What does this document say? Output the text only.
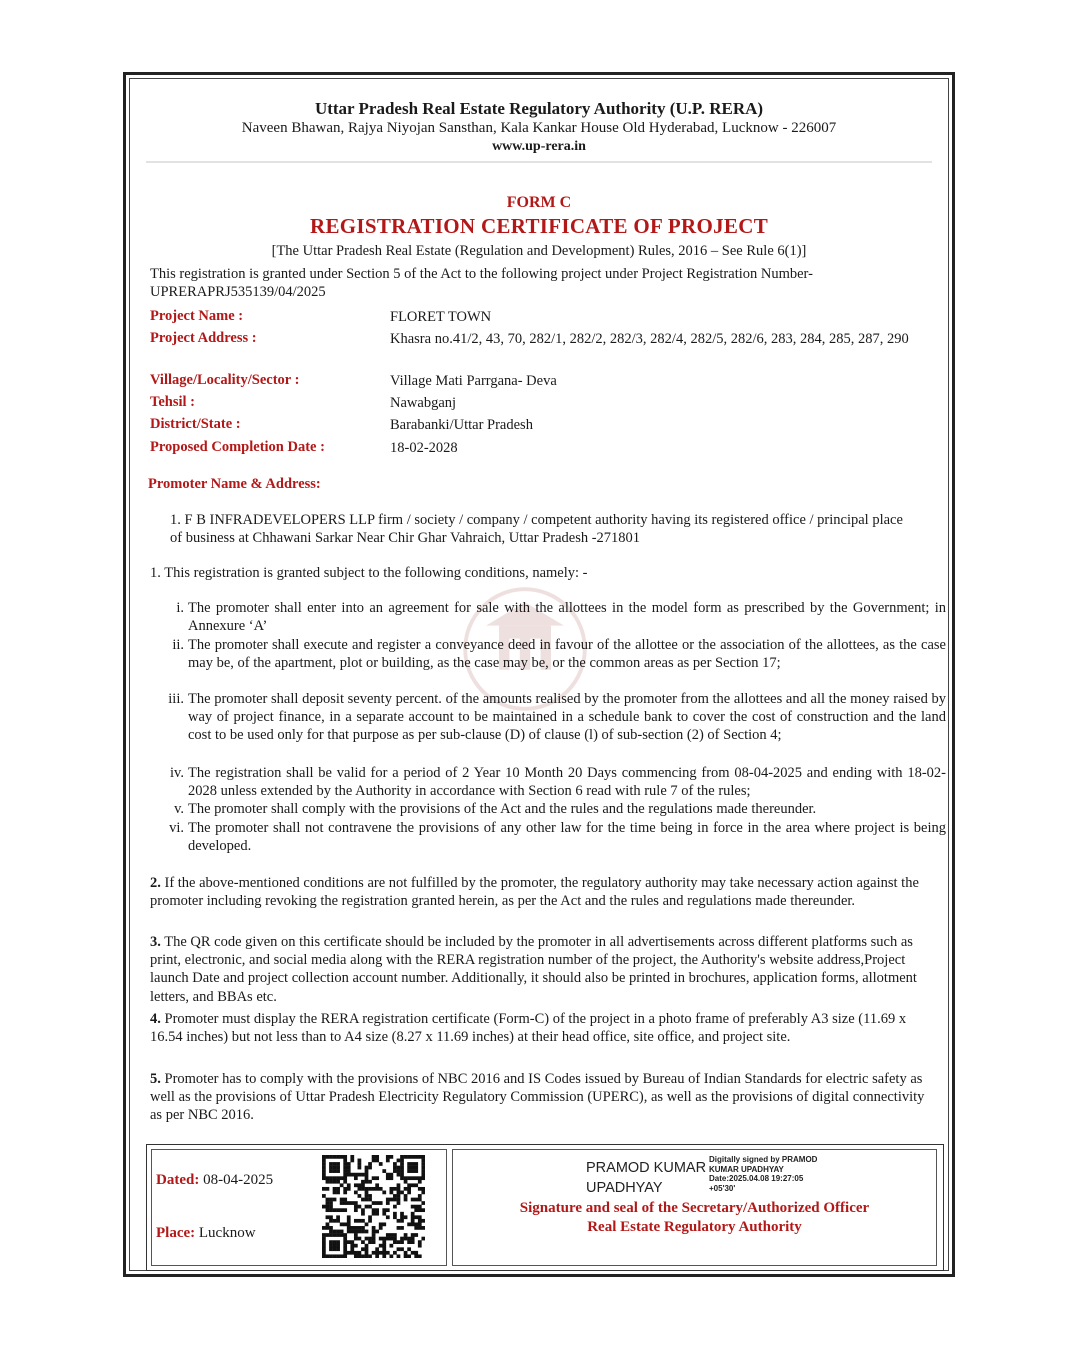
Uttar Pradesh Real Estate Regulatory Authority (U.P. RERA)
Naveen Bhawan, Rajya Niyojan Sansthan, Kala Kankar House Old Hyderabad, Lucknow - 226007
www.up-rera.in
FORM C
REGISTRATION CERTIFICATE OF PROJECT
[The Uttar Pradesh Real Estate (Regulation and Development) Rules, 2016 – See Rule 6(1)]
This registration is granted under Section 5 of the Act to the following project under Project Registration Number-
UPRERAPRJ535139/04/2025
Project Name :	FLORET TOWN
Project Address :	Khasra no.41/2, 43, 70, 282/1, 282/2, 282/3, 282/4, 282/5, 282/6, 283, 284, 285, 287, 290
Village/Locality/Sector :	Village Mati Parrgana- Deva
Tehsil :	Nawabganj
District/State :	Barabanki/Uttar Pradesh
Proposed Completion Date :	18-02-2028
Promoter Name & Address:
1. F B INFRADEVELOPERS LLP firm / society / company / competent authority having its registered office / principal place of business at Chhawani Sarkar Near Chir Ghar Vahraich, Uttar Pradesh -271801
1. This registration is granted subject to the following conditions, namely: -
i. The promoter shall enter into an agreement for sale with the allottees in the model form as prescribed by the Government; in Annexure ‘A’
ii. The promoter shall execute and register a conveyance deed in favour of the allottee or the association of the allottees, as the case may be, of the apartment, plot or building, as the case may be, or the common areas as per Section 17;
iii. The promoter shall deposit seventy percent. of the amounts realised by the promoter from the allottees and all the money raised by way of project finance, in a separate account to be maintained in a schedule bank to cover the cost of construction and the land cost to be used only for that purpose as per sub-clause (D) of clause (l) of sub-section (2) of Section 4;
iv. The registration shall be valid for a period of 2 Year 10 Month 20 Days commencing from 08-04-2025 and ending with 18-02-2028 unless extended by the Authority in accordance with Section 6 read with rule 7 of the rules;
v. The promoter shall comply with the provisions of the Act and the rules and the regulations made thereunder.
vi. The promoter shall not contravene the provisions of any other law for the time being in force in the area where project is being developed.
2. If the above-mentioned conditions are not fulfilled by the promoter, the regulatory authority may take necessary action against the promoter including revoking the registration granted herein, as per the Act and the rules and regulations made thereunder.
3. The QR code given on this certificate should be included by the promoter in all advertisements across different platforms such as print, electronic, and social media along with the RERA registration number of the project, the Authority's website address,Project launch Date and project collection account number. Additionally, it should also be printed in brochures, application forms, allotment letters, and BBAs etc.
4. Promoter must display the RERA registration certificate (Form-C) of the project in a photo frame of preferably A3 size (11.69 x 16.54 inches) but not less than to A4 size (8.27 x 11.69 inches) at their head office, site office, and project site.
5. Promoter has to comply with the provisions of NBC 2016 and IS Codes issued by Bureau of Indian Standards for electric safety as well as the provisions of Uttar Pradesh Electricity Regulatory Commission (UPERC), as well as the provisions of digital connectivity as per NBC 2016.
Dated: 08-04-2025
Place: Lucknow
PRAMOD KUMAR
UPADHYAY
Digitally signed by PRAMOD
KUMAR UPADHYAY
Date:2025.04.08 19:27:05
+05'30'
Signature and seal of the Secretary/Authorized Officer
Real Estate Regulatory Authority
